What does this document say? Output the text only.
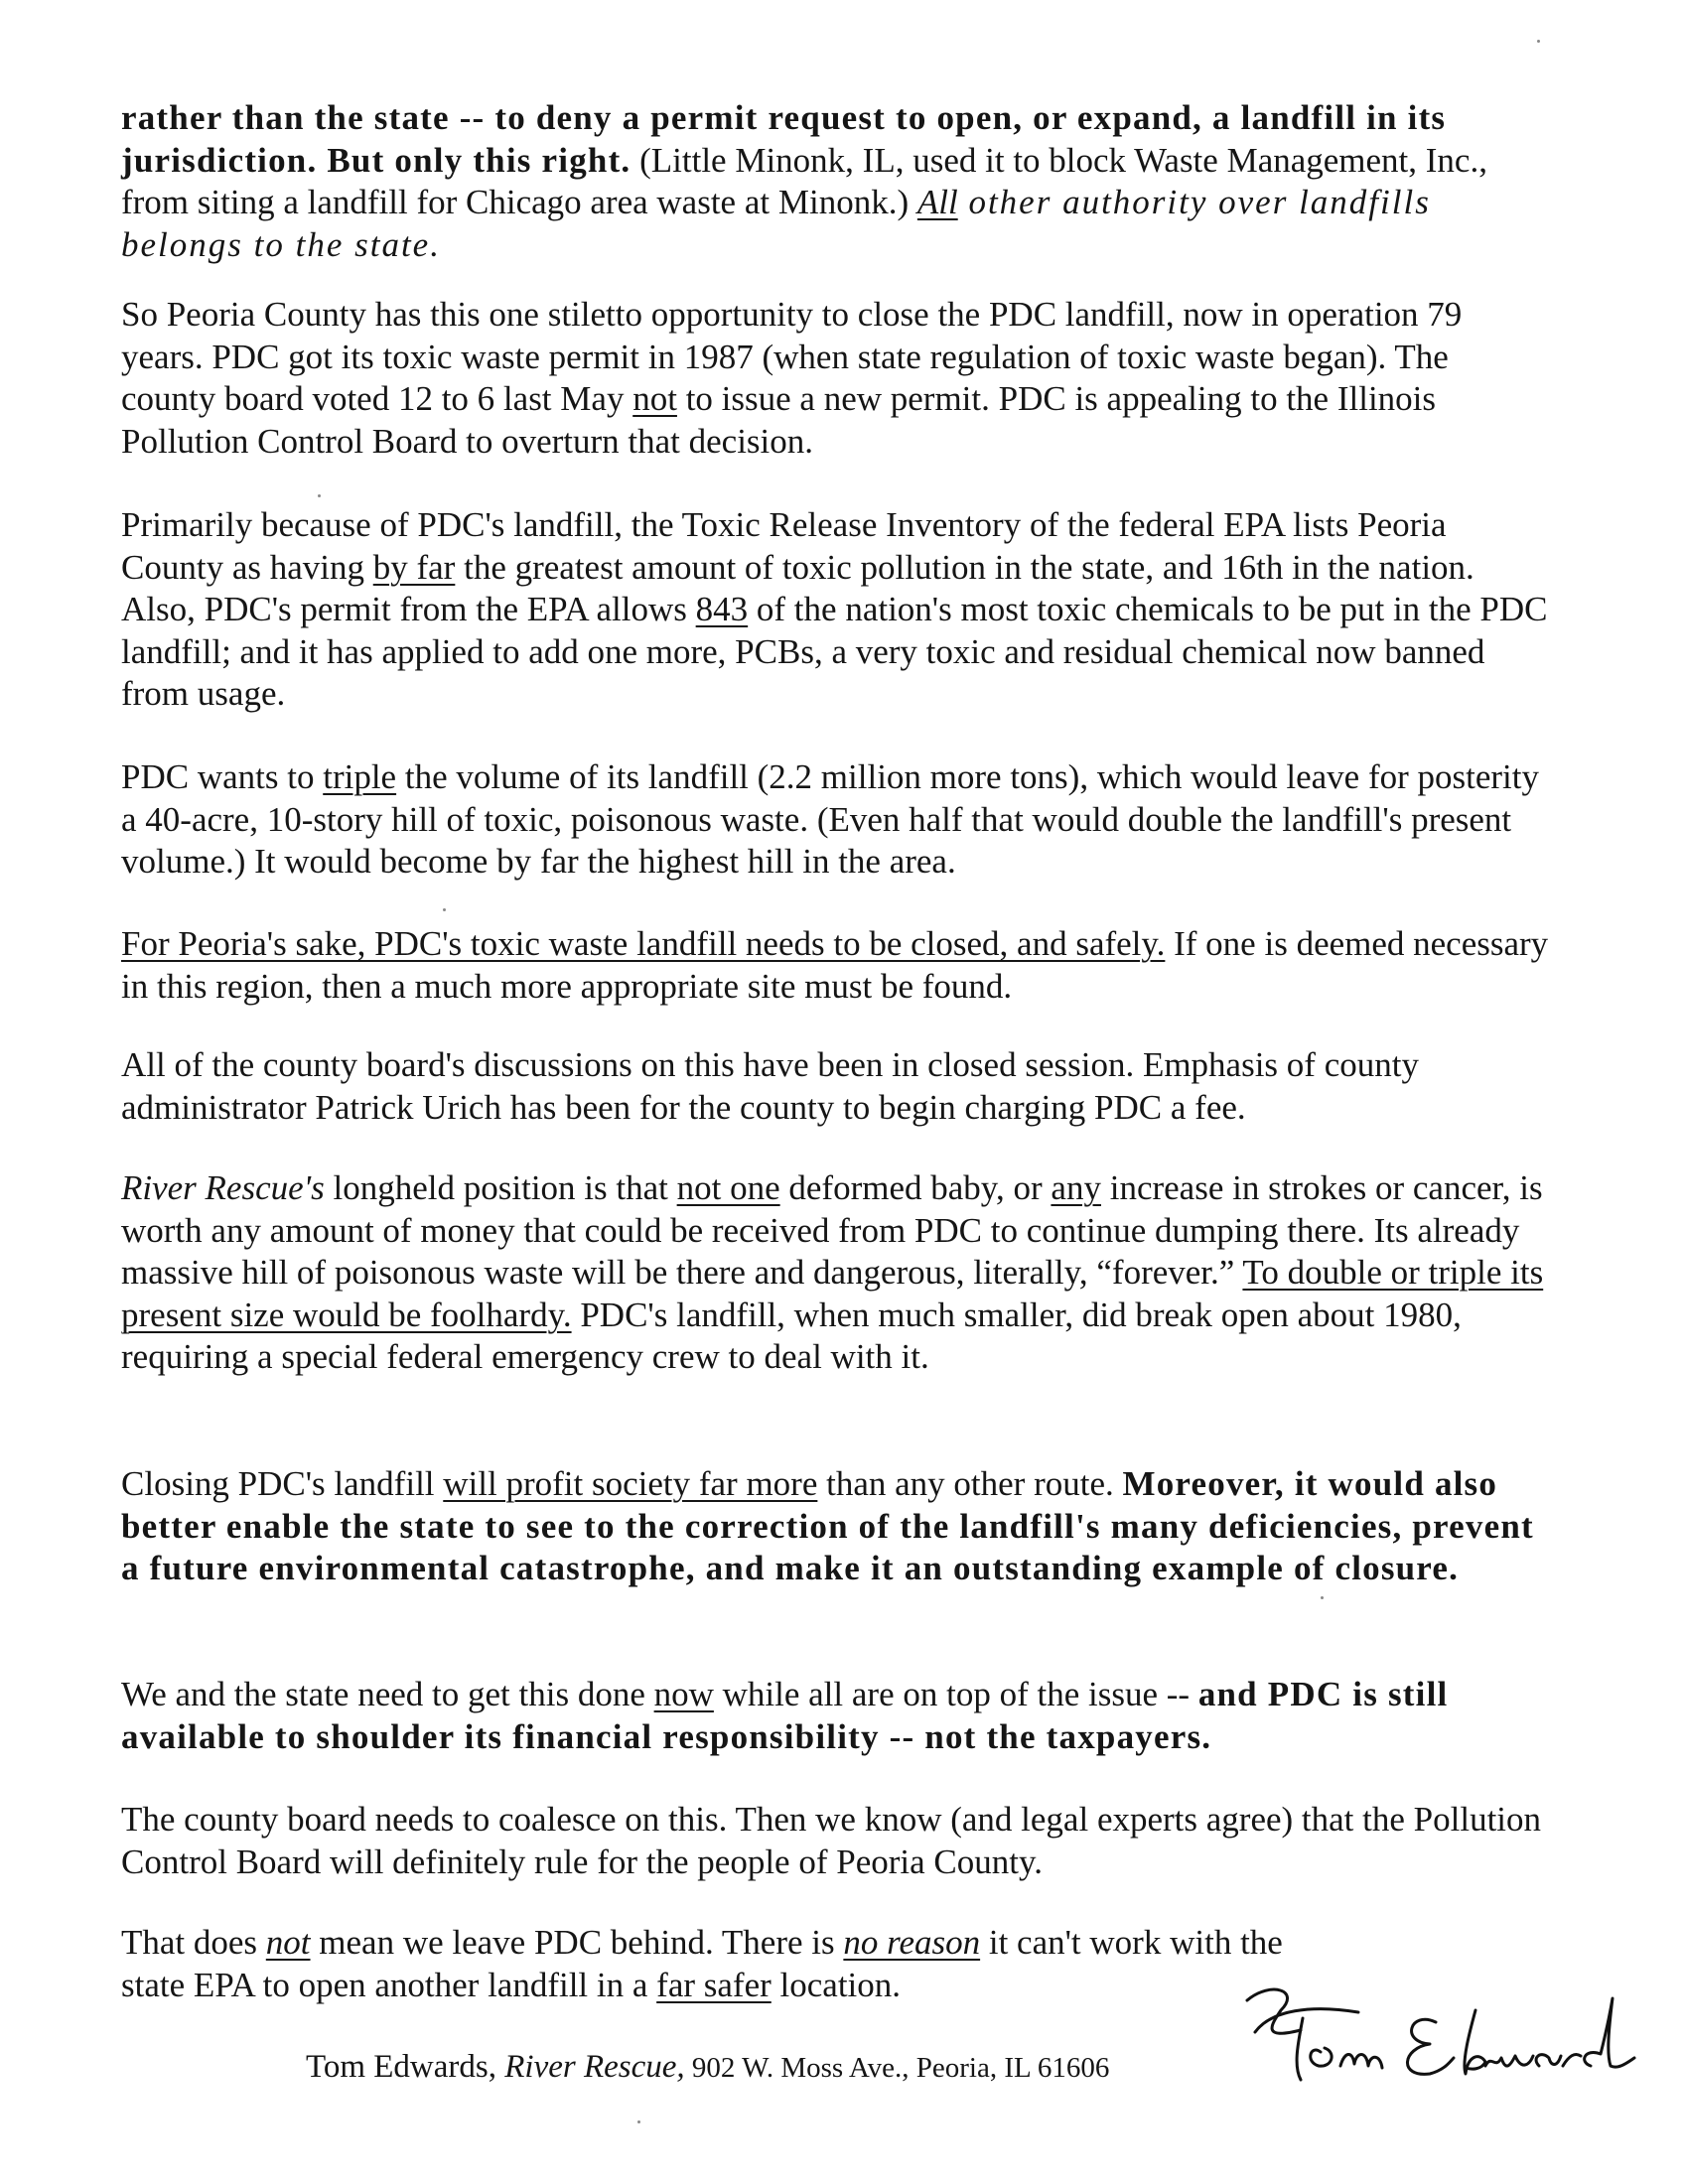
rather than the state -- to deny a permit request to open, or expand, a landfill in its jurisdiction. But only this right. (Little Minonk, IL, used it to block Waste Management, Inc., from siting a landfill for Chicago area waste at Minonk.) All other authority over landfills belongs to the state.

So Peoria County has this one stiletto opportunity to close the PDC landfill, now in operation 79 years. PDC got its toxic waste permit in 1987 (when state regulation of toxic waste began). The county board voted 12 to 6 last May not to issue a new permit. PDC is appealing to the Illinois Pollution Control Board to overturn that decision.

Primarily because of PDC's landfill, the Toxic Release Inventory of the federal EPA lists Peoria County as having by far the greatest amount of toxic pollution in the state, and 16th in the nation. Also, PDC's permit from the EPA allows 843 of the nation's most toxic chemicals to be put in the PDC landfill; and it has applied to add one more, PCBs, a very toxic and residual chemical now banned from usage.

PDC wants to triple the volume of its landfill (2.2 million more tons), which would leave for posterity a 40-acre, 10-story hill of toxic, poisonous waste. (Even half that would double the landfill's present volume.) It would become by far the highest hill in the area.

For Peoria's sake, PDC's toxic waste landfill needs to be closed, and safely. If one is deemed necessary in this region, then a much more appropriate site must be found.

All of the county board's discussions on this have been in closed session. Emphasis of county administrator Patrick Urich has been for the county to begin charging PDC a fee.

River Rescue's longheld position is that not one deformed baby, or any increase in strokes or cancer, is worth any amount of money that could be received from PDC to continue dumping there. Its already massive hill of poisonous waste will be there and dangerous, literally, “forever.” To double or triple its present size would be foolhardy. PDC's landfill, when much smaller, did break open about 1980, requiring a special federal emergency crew to deal with it.

Closing PDC's landfill will profit society far more than any other route. Moreover, it would also better enable the state to see to the correction of the landfill's many deficiencies, prevent a future environmental catastrophe, and make it an outstanding example of closure.

We and the state need to get this done now while all are on top of the issue -- and PDC is still available to shoulder its financial responsibility -- not the taxpayers.

The county board needs to coalesce on this. Then we know (and legal experts agree) that the Pollution Control Board will definitely rule for the people of Peoria County.

That does not mean we leave PDC behind. There is no reason it can't work with the state EPA to open another landfill in a far safer location.

Tom Edwards, River Rescue, 902 W. Moss Ave., Peoria, IL 61606
